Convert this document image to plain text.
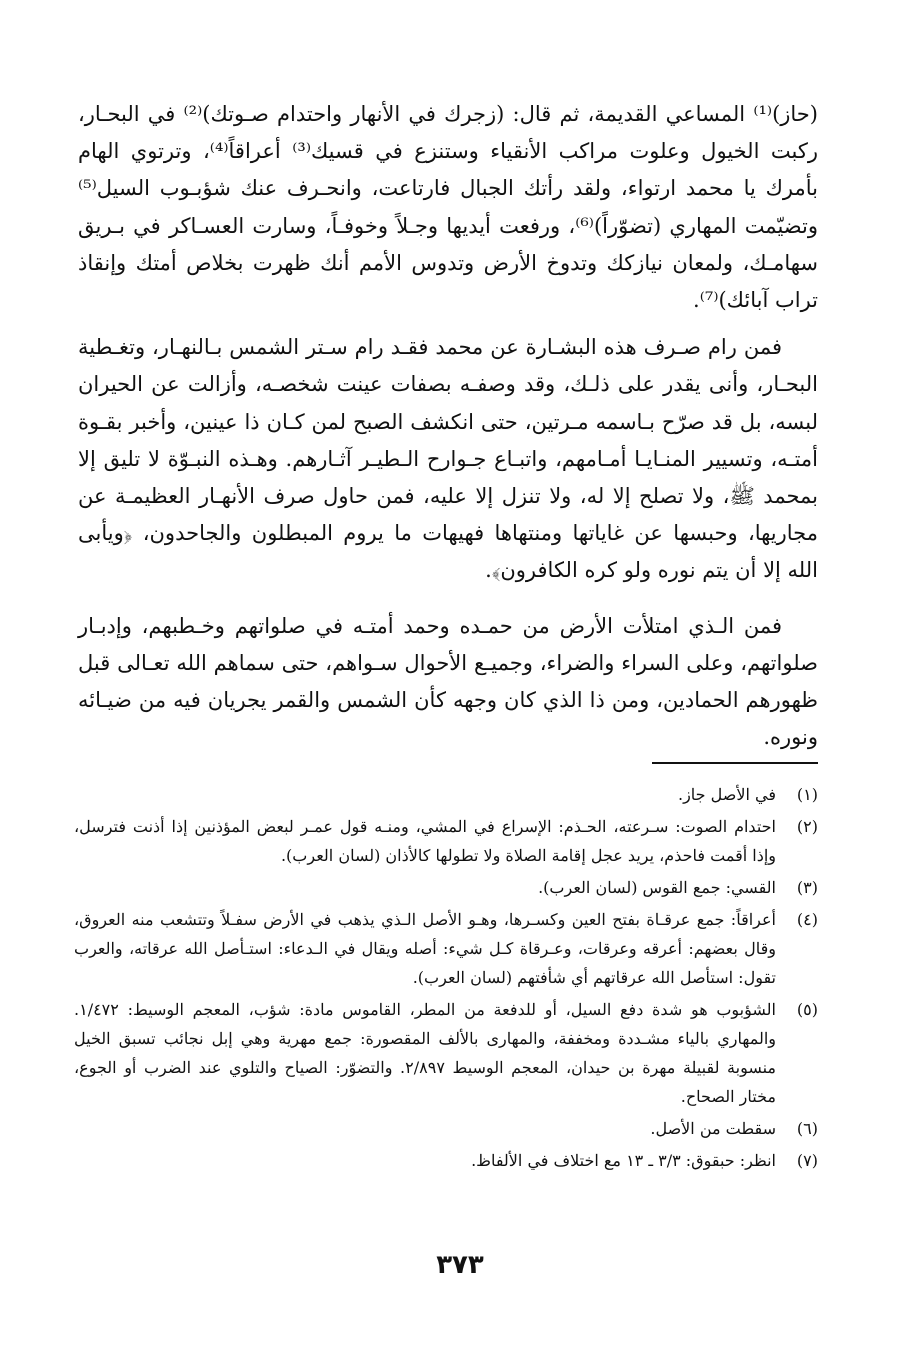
(حاز)⁽¹⁾ المساعي القديمة، ثم قال: (زجرك في الأنهار واحتدام صـوتك)⁽²⁾ في البحـار، ركبت الخيول وعلوت مراكب الأنقياء وستنزع في قسيك⁽³⁾ أعراقاً⁽⁴⁾، وترتوي الهام بأمرك يا محمد ارتواء، ولقد رأتك الجبال فارتاعت، وانحـرف عنك شؤبـوب السيل⁽⁵⁾ وتضيّمت المهاري (تضوّراً)⁽⁶⁾، ورفعت أيديها وجـلاً وخوفـاً، وسارت العسـاكر في بـريق سهامـك، ولمعان نيازكك وتدوخ الأرض وتدوس الأمم أنك ظهرت بخلاص أمتك وإنقاذ تراب آبائك)⁽⁷⁾.

فمن رام صـرف هذه البشـارة عن محمد فقـد رام سـتر الشمس بـالنهـار، وتغـطية البحـار، وأنى يقدر على ذلـك، وقد وصفـه بصفات عينت شخصـه، وأزالت عن الحيران لبسه، بل قد صرّح بـاسمه مـرتين، حتى انكشف الصبح لمن كـان ذا عينين، وأخبر بقـوة أمتـه، وتسيير المنـايـا أمـامهم، واتبـاع جـوارح الـطيـر آثـارهم. وهـذه النبـوّة لا تليق إلا بمحمد ﷺ، ولا تصلح إلا له، ولا تنزل إلا عليه، فمن حاول صرف الأنهـار العظيمـة عن مجاريها، وحبسها عن غاياتها ومنتهاها فهيهات ما يروم المبطلون والجاحدون، ﴿ويأبى الله إلا أن يتم نوره ولو كره الكافرون﴾.

فمن الـذي امتلأت الأرض من حمـده وحمد أمتـه في صلواتهم وخـطبهم، وإدبـار صلواتهم، وعلى السراء والضراء، وجميـع الأحوال سـواهم، حتى سماهم الله تعـالى قبل ظهورهم الحمادين، ومن ذا الذي كان وجهه كأن الشمس والقمر يجريان فيه من ضيـائه ونوره.

(١)
في الأصل جاز.
(٢)
احتدام الصوت: سـرعته، الحـذم: الإسراع في المشي، ومنـه قول عمـر لبعض المؤذنين إذا أذنت فترسل، وإذا أقمت فاحذم، يريد عجل إقامة الصلاة ولا تطولها كالأذان (لسان العرب).
(٣)
القسي: جمع القوس (لسان العرب).
(٤)
أعراقاً: جمع عرقـاة بفتح العين وكسـرها، وهـو الأصل الـذي يذهب في الأرض سفـلاً وتتشعب منه العروق، وقال بعضهم: أعرقه وعرقات، وعـرقاة كـل شيء: أصله ويقال في الـدعاء: استـأصل الله عرقاته، والعرب تقول: استأصل الله عرقاتهم أي شأفتهم (لسان العرب).
(٥)
الشؤبوب هو شدة دفع السيل، أو للدفعة من المطر، القاموس مادة: شؤب، المعجم الوسيط: ١/٤٧٢. والمهاري بالياء مشـددة ومخففة، والمهارى بالألف المقصورة: جمع مهرية وهي إبل نجائب تسبق الخيل منسوبة لقبيلة مهرة بن حيدان، المعجم الوسيط ٢/٨٩٧. والتضوّر: الصياح والتلوي عند الضرب أو الجوع، مختار الصحاح.
(٦)
سقطت من الأصل.
(٧)
انظر: حبقوق: ٣/٣ ـ ١٣ مع اختلاف في الألفاظ.
٣٧٣
